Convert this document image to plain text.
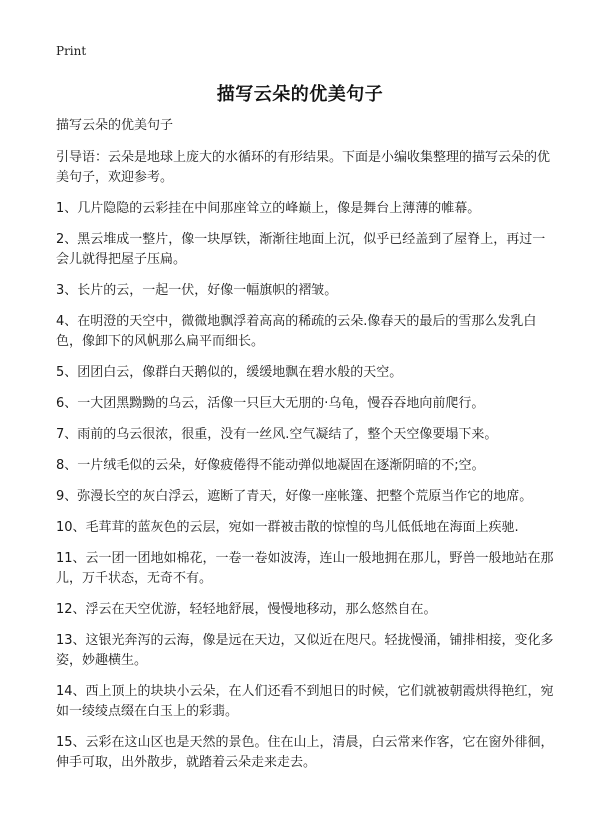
Print
描写云朵的优美句子

描写云朵的优美句子

引导语：云朵是地球上庞大的水循环的有形结果。下面是小编收集整理的描写云朵的优美句子，欢迎参考。

1、几片隐隐的云彩挂在中间那座耸立的峰巅上，像是舞台上薄薄的帷幕。

2、黑云堆成一整片，像一块厚铁，渐渐往地面上沉，似乎已经盖到了屋脊上，再过一会儿就得把屋子压扁。

3、长片的云，一起一伏，好像一幅旗帜的褶皱。

4、在明澄的天空中，微微地飘浮着高高的稀疏的云朵.像春天的最后的雪那么发乳白色，像卸下的风帆那么扁平而细长。

5、团团白云，像群白天鹅似的，缓缓地飘在碧水般的天空。

6、一大团黑黝黝的乌云，活像一只巨大无朋的·乌龟，慢吞吞地向前爬行。

7、雨前的乌云很浓，很重，没有一丝风.空气凝结了，整个天空像要塌下来。

8、一片绒毛似的云朵，好像疲倦得不能动弹似地凝固在逐渐阴暗的不;空。

9、弥漫长空的灰白浮云，遮断了青天，好像一座帐篷、把整个荒原当作它的地席。

10、毛茸茸的蓝灰色的云层，宛如一群被击散的惊惶的鸟儿低低地在海面上疾驰.

11、云一团一团地如棉花，一卷一卷如波涛，连山一般地拥在那儿，野兽一般地站在那儿，万千状态，无奇不有。

12、浮云在天空优游，轻轻地舒展，慢慢地移动，那么悠然自在。

13、这银光奔泻的云海，像是远在天边，又似近在咫尺。轻拢慢涌，铺排相接，变化多姿，妙趣横生。

14、西上顶上的块块小云朵，在人们还看不到旭日的时候，它们就被朝霞烘得艳红，宛如一绫绫点缀在白玉上的彩翡。

15、云彩在这山区也是天然的景色。住在山上，清晨，白云常来作客，它在窗外徘徊，伸手可取，出外散步，就踏着云朵走来走去。
